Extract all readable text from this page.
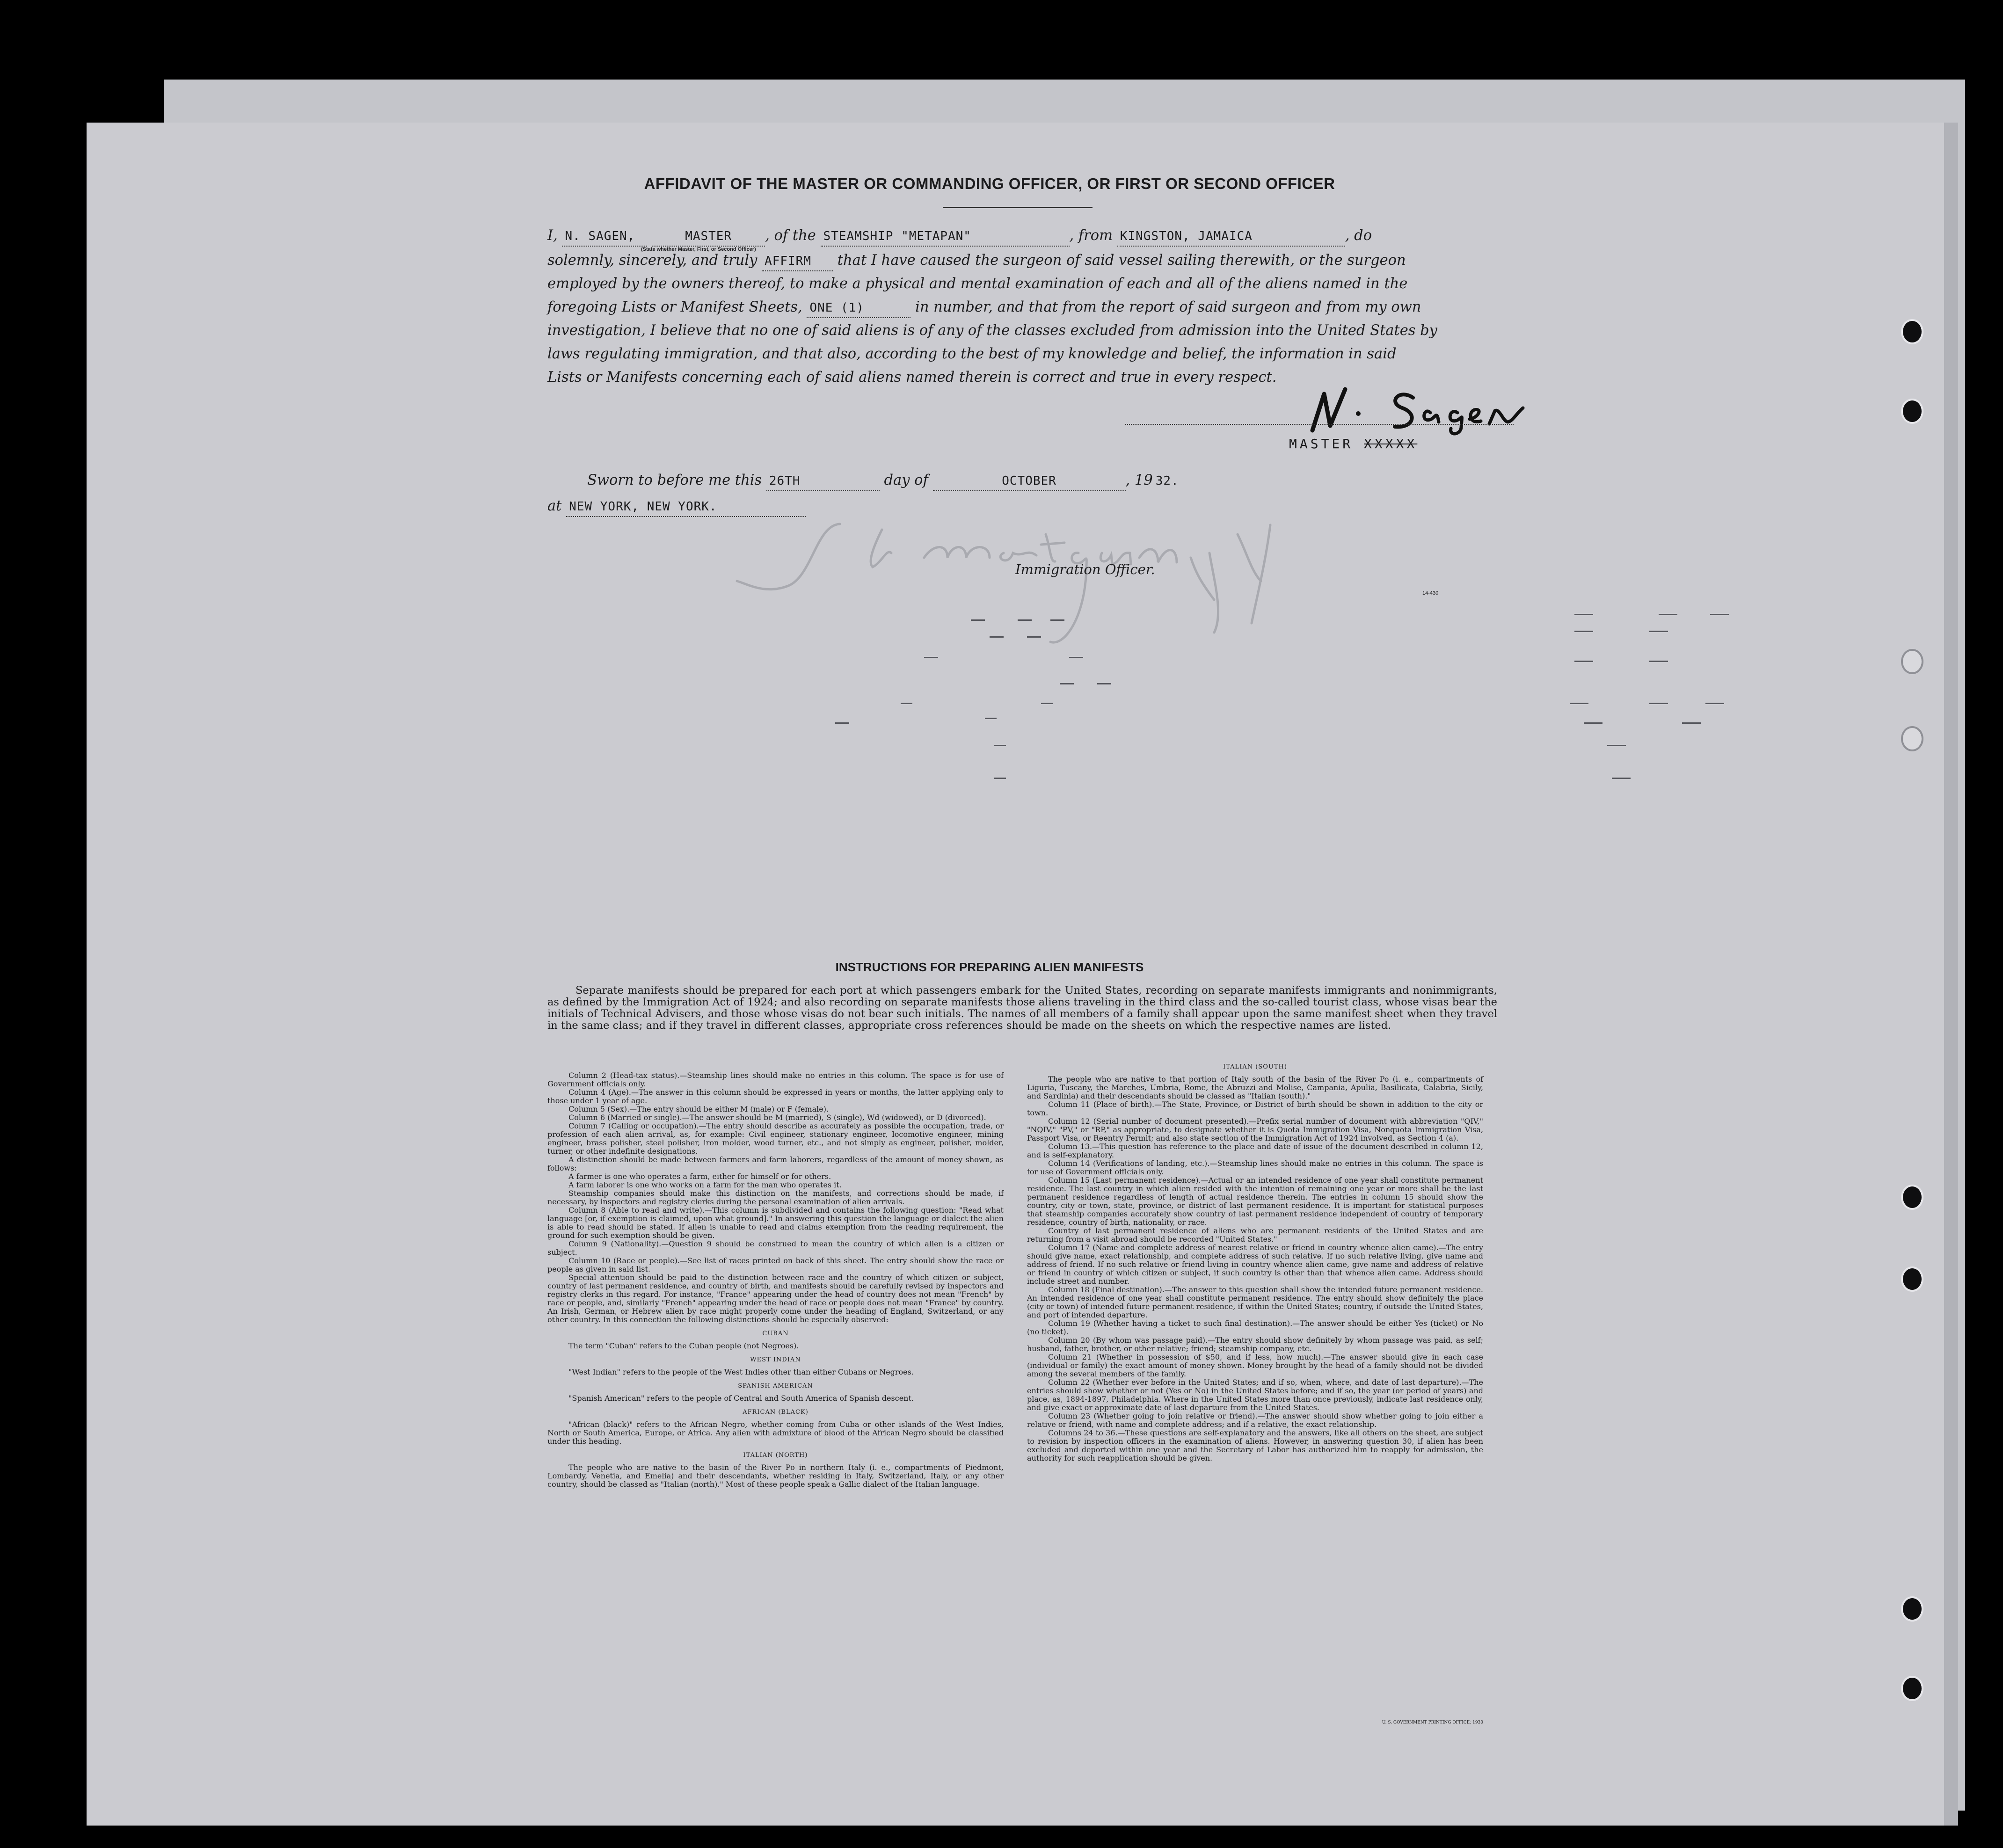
AFFIDAVIT OF THE MASTER OR COMMANDING OFFICER, OR FIRST OR SECOND OFFICER
I, N. SAGEN,	MASTER , of the STEAMSHIP "METAPAN"	, from KINGSTON, JAMAICA	, do
(State whether Master, First, or Second Officer)
solemnly, sincerely, and truly AFFIRM that I have caused the surgeon of said vessel sailing therewith, or the surgeon
employed by the owners thereof, to make a physical and mental examination of each and all of the aliens named in the
foregoing Lists or Manifest Sheets, ONE (1)	in number, and that from the report of said surgeon and from my own
investigation, I believe that no one of said aliens is of any of the classes excluded from admission into the United States by
laws regulating immigration, and that also, according to the best of my knowledge and belief, the information in said
Lists or Manifests concerning each of said aliens named therein is correct and true in every respect.
MASTER XXXXX
Sworn to before me this 26TH	day of	OCTOBER	, 19 32.
at NEW YORK, NEW YORK.
Immigration Officer.
14-430
INSTRUCTIONS FOR PREPARING ALIEN MANIFESTS
Separate manifests should be prepared for each port at which passengers embark for the United States, recording on separate manifests immigrants and nonimmigrants, as defined by the Immigration Act of 1924; and also recording on separate manifests those aliens traveling in the third class and the so-called tourist class, whose visas bear the initials of Technical Advisers, and those whose visas do not bear such initials. The names of all members of a family shall appear upon the same manifest sheet when they travel in the same class; and if they travel in different classes, appropriate cross references should be made on the sheets on which the respective names are listed.

Column 2 (Head-tax status).—Steamship lines should make no entries in this column. The space is for use of Government officials only.

Column 4 (Age).—The answer in this column should be expressed in years or months, the latter applying only to those under 1 year of age.

Column 5 (Sex).—The entry should be either M (male) or F (female).

Column 6 (Married or single).—The answer should be M (married), S (single), Wd (widowed), or D (divorced).

Column 7 (Calling or occupation).—The entry should describe as accurately as possible the occupation, trade, or profession of each alien arrival, as, for example: Civil engineer, stationary engineer, locomotive engineer, mining engineer, brass polisher, steel polisher, iron molder, wood turner, etc., and not simply as engineer, polisher, molder, turner, or other indefinite designations.

A distinction should be made between farmers and farm laborers, regardless of the amount of money shown, as follows:

A farmer is one who operates a farm, either for himself or for others.

A farm laborer is one who works on a farm for the man who operates it.

Steamship companies should make this distinction on the manifests, and corrections should be made, if necessary, by inspectors and registry clerks during the personal examination of alien arrivals.

Column 8 (Able to read and write).—This column is subdivided and contains the following question: "Read what language [or, if exemption is claimed, upon what ground]." In answering this question the language or dialect the alien is able to read should be stated. If alien is unable to read and claims exemption from the reading requirement, the ground for such exemption should be given.

Column 9 (Nationality).—Question 9 should be construed to mean the country of which alien is a citizen or subject.

Column 10 (Race or people).—See list of races printed on back of this sheet. The entry should show the race or people as given in said list.

Special attention should be paid to the distinction between race and the country of which citizen or subject, country of last permanent residence, and country of birth, and manifests should be carefully revised by inspectors and registry clerks in this regard. For instance, "France" appearing under the head of country does not mean "French" by race or people, and, similarly "French" appearing under the head of race or people does not mean "France" by country. An Irish, German, or Hebrew alien by race might properly come under the heading of England, Switzerland, or any other country. In this connection the following distinctions should be especially observed:

CUBAN

The term "Cuban" refers to the Cuban people (not Negroes).

WEST INDIAN

"West Indian" refers to the people of the West Indies other than either Cubans or Negroes.

SPANISH AMERICAN

"Spanish American" refers to the people of Central and South America of Spanish descent.

AFRICAN (BLACK)

"African (black)" refers to the African Negro, whether coming from Cuba or other islands of the West Indies, North or South America, Europe, or Africa. Any alien with admixture of blood of the African Negro should be classified under this heading.

ITALIAN (NORTH)

The people who are native to the basin of the River Po in northern Italy (i. e., compartments of Piedmont, Lombardy, Venetia, and Emelia) and their descendants, whether residing in Italy, Switzerland, Italy, or any other country, should be classed as "Italian (north)." Most of these people speak a Gallic dialect of the Italian language.

ITALIAN (SOUTH)

The people who are native to that portion of Italy south of the basin of the River Po (i. e., compartments of Liguria, Tuscany, the Marches, Umbria, Rome, the Abruzzi and Molise, Campania, Apulia, Basilicata, Calabria, Sicily, and Sardinia) and their descendants should be classed as "Italian (south)."

Column 11 (Place of birth).—The State, Province, or District of birth should be shown in addition to the city or town.

Column 12 (Serial number of document presented).—Prefix serial number of document with abbreviation "QIV," "NQIV," "PV," or "RP," as appropriate, to designate whether it is Quota Immigration Visa, Nonquota Immigration Visa, Passport Visa, or Reentry Permit; and also state section of the Immigration Act of 1924 involved, as Section 4 (a).

Column 13.—This question has reference to the place and date of issue of the document described in column 12, and is self-explanatory.

Column 14 (Verifications of landing, etc.).—Steamship lines should make no entries in this column. The space is for use of Government officials only.

Column 15 (Last permanent residence).—Actual or an intended residence of one year shall constitute permanent residence. The last country in which alien resided with the intention of remaining one year or more shall be the last permanent residence regardless of length of actual residence therein. The entries in column 15 should show the country, city or town, state, province, or district of last permanent residence. It is important for statistical purposes that steamship companies accurately show country of last permanent residence independent of country of temporary residence, country of birth, nationality, or race.

Country of last permanent residence of aliens who are permanent residents of the United States and are returning from a visit abroad should be recorded "United States."

Column 17 (Name and complete address of nearest relative or friend in country whence alien came).—The entry should give name, exact relationship, and complete address of such relative. If no such relative living, give name and address of friend. If no such relative or friend living in country whence alien came, give name and address of relative or friend in country of which citizen or subject, if such country is other than that whence alien came. Address should include street and number.

Column 18 (Final destination).—The answer to this question shall show the intended future permanent residence. An intended residence of one year shall constitute permanent residence. The entry should show definitely the place (city or town) of intended future permanent residence, if within the United States; country, if outside the United States, and port of intended departure.

Column 19 (Whether having a ticket to such final destination).—The answer should be either Yes (ticket) or No (no ticket).

Column 20 (By whom was passage paid).—The entry should show definitely by whom passage was paid, as self; husband, father, brother, or other relative; friend; steamship company, etc.

Column 21 (Whether in possession of $50, and if less, how much).—The answer should give in each case (individual or family) the exact amount of money shown. Money brought by the head of a family should not be divided among the several members of the family.

Column 22 (Whether ever before in the United States; and if so, when, where, and date of last departure).—The entries should show whether or not (Yes or No) in the United States before; and if so, the year (or period of years) and place, as, 1894-1897, Philadelphia. Where in the United States more than once previously, indicate last residence only, and give exact or approximate date of last departure from the United States.

Column 23 (Whether going to join relative or friend).—The answer should show whether going to join either a relative or friend, with name and complete address; and if a relative, the exact relationship.

Columns 24 to 36.—These questions are self-explanatory and the answers, like all others on the sheet, are subject to revision by inspection officers in the examination of aliens. However, in answering question 30, if alien has been excluded and deported within one year and the Secretary of Labor has authorized him to reapply for admission, the authority for such reapplication should be given.

U. S. GOVERNMENT PRINTING OFFICE: 1930
